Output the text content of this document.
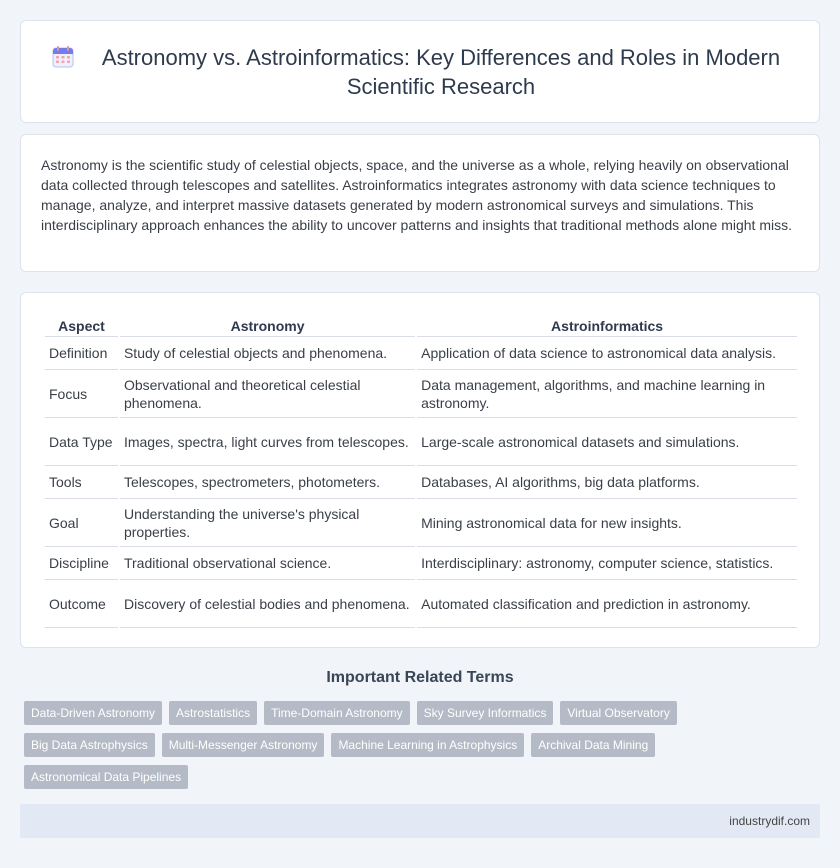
Astronomy vs. Astroinformatics: Key Differences and Roles in Modern Scientific Research

Astronomy is the scientific study of celestial objects, space, and the universe as a whole, relying heavily on observational data collected through telescopes and satellites. Astroinformatics integrates astronomy with data science techniques to manage, analyze, and interpret massive datasets generated by modern astronomical surveys and simulations. This interdisciplinary approach enhances the ability to uncover patterns and insights that traditional methods alone might miss.

Aspect	Astronomy	Astroinformatics
Definition	Study of celestial objects and phenomena.	Application of data science to astronomical data analysis.
Focus	Observational and theoretical celestial phenomena.	Data management, algorithms, and machine learning in astronomy.
Data Type	Images, spectra, light curves from telescopes.	Large-scale astronomical datasets and simulations.
Tools	Telescopes, spectrometers, photometers.	Databases, AI algorithms, big data platforms.
Goal	Understanding the universe's physical properties.	Mining astronomical data for new insights.
Discipline	Traditional observational science.	Interdisciplinary: astronomy, computer science, statistics.
Outcome	Discovery of celestial bodies and phenomena.	Automated classification and prediction in astronomy.
Important Related Terms
Data-Driven Astronomy	Astrostatistics	Time-Domain Astronomy	Sky Survey Informatics	Virtual Observatory
Big Data Astrophysics	Multi-Messenger Astronomy	Machine Learning in Astrophysics	Archival Data Mining
Astronomical Data Pipelines
industrydif.com
